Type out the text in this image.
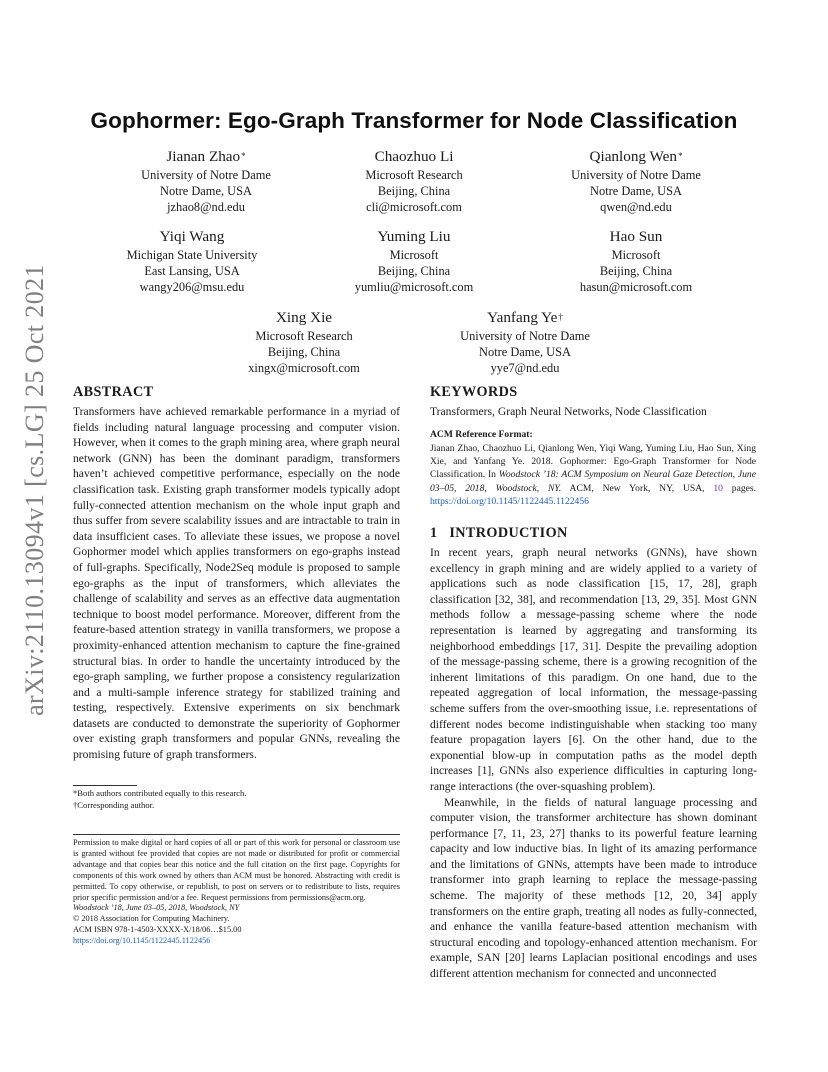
Gophormer: Ego-Graph Transformer for Node Classification
Jianan Zhao*
University of Notre Dame
Notre Dame, USA
jzhao8@nd.edu
Chaozhuo Li
Microsoft Research
Beijing, China
cli@microsoft.com
Qianlong Wen*
University of Notre Dame
Notre Dame, USA
qwen@nd.edu
Yiqi Wang
Michigan State University
East Lansing, USA
wangy206@msu.edu
Yuming Liu
Microsoft
Beijing, China
yumliu@microsoft.com
Hao Sun
Microsoft
Beijing, China
hasun@microsoft.com
Xing Xie
Microsoft Research
Beijing, China
xingx@microsoft.com
Yanfang Ye†
University of Notre Dame
Notre Dame, USA
yye7@nd.edu
arXiv:2110.13094v1 [cs.LG] 25 Oct 2021	ABSTRACT

Transformers have achieved remarkable performance in a myriad of fields including natural language processing and computer vision. However, when it comes to the graph mining area, where graph neural network (GNN) has been the dominant paradigm, transformers haven’t achieved competitive performance, especially on the node classification task. Existing graph transformer models typically adopt fully-connected attention mechanism on the whole input graph and thus suffer from severe scalability issues and are intractable to train in data insufficient cases. To alleviate these issues, we propose a novel Gophormer model which applies transformers on ego-graphs instead of full-graphs. Specifically, Node2Seq module is proposed to sample ego-graphs as the input of transformers, which alleviates the challenge of scalability and serves as an effective data augmentation technique to boost model performance. Moreover, different from the feature-based attention strategy in vanilla transformers, we propose a proximity-enhanced attention mechanism to capture the fine-grained structural bias. In order to handle the uncertainty introduced by the ego-graph sampling, we further propose a consistency regularization and a multi-sample inference strategy for stabilized training and testing, respectively. Extensive experiments on six benchmark datasets are conducted to demonstrate the superiority of Gophormer over existing graph transformers and popular GNNs, revealing the promising future of graph transformers.

*Both authors contributed equally to this research.
†Corresponding author.
Permission to make digital or hard copies of all or part of this work for personal or classroom use is granted without fee provided that copies are not made or distributed for profit or commercial advantage and that copies bear this notice and the full citation on the first page. Copyrights for components of this work owned by others than ACM must be honored. Abstracting with credit is permitted. To copy otherwise, or republish, to post on servers or to redistribute to lists, requires prior specific permission and/or a fee. Request permissions from permissions@acm.org.
Woodstock ’18, June 03–05, 2018, Woodstock, NY
© 2018 Association for Computing Machinery.
ACM ISBN 978-1-4503-XXXX-X/18/06…$15.00
https://doi.org/10.1145/1122445.1122456
KEYWORDS
Transformers, Graph Neural Networks, Node Classification
ACM Reference Format:
Jianan Zhao, Chaozhuo Li, Qianlong Wen, Yiqi Wang, Yuming Liu, Hao Sun, Xing Xie, and Yanfang Ye. 2018. Gophormer: Ego-Graph Transformer for Node Classification. In Woodstock ’18: ACM Symposium on Neural Gaze Detection, June 03–05, 2018, Woodstock, NY. ACM, New York, NY, USA, 10 pages. https://doi.org/10.1145/1122445.1122456
1 INTRODUCTION

In recent years, graph neural networks (GNNs), have shown excellency in graph mining and are widely applied to a variety of applications such as node classification [15, 17, 28], graph classification [32, 38], and recommendation [13, 29, 35]. Most GNN methods follow a message-passing scheme where the node representation is learned by aggregating and transforming its neighborhood embeddings [17, 31]. Despite the prevailing adoption of the message-passing scheme, there is a growing recognition of the inherent limitations of this paradigm. On one hand, due to the repeated aggregation of local information, the message-passing scheme suffers from the over-smoothing issue, i.e. representations of different nodes become indistinguishable when stacking too many feature propagation layers [6]. On the other hand, due to the exponential blow-up in computation paths as the model depth increases [1], GNNs also experience difficulties in capturing long-range interactions (the over-squashing problem).

Meanwhile, in the fields of natural language processing and computer vision, the transformer architecture has shown dominant performance [7, 11, 23, 27] thanks to its powerful feature learning capacity and low inductive bias. In light of its amazing performance and the limitations of GNNs, attempts have been made to introduce transformer into graph learning to replace the message-passing scheme. The majority of these methods [12, 20, 34] apply transformers on the entire graph, treating all nodes as fully-connected, and enhance the vanilla feature-based attention mechanism with structural encoding and topology-enhanced attention mechanism. For example, SAN [20] learns Laplacian positional encodings and uses different attention mechanism for connected and unconnected
